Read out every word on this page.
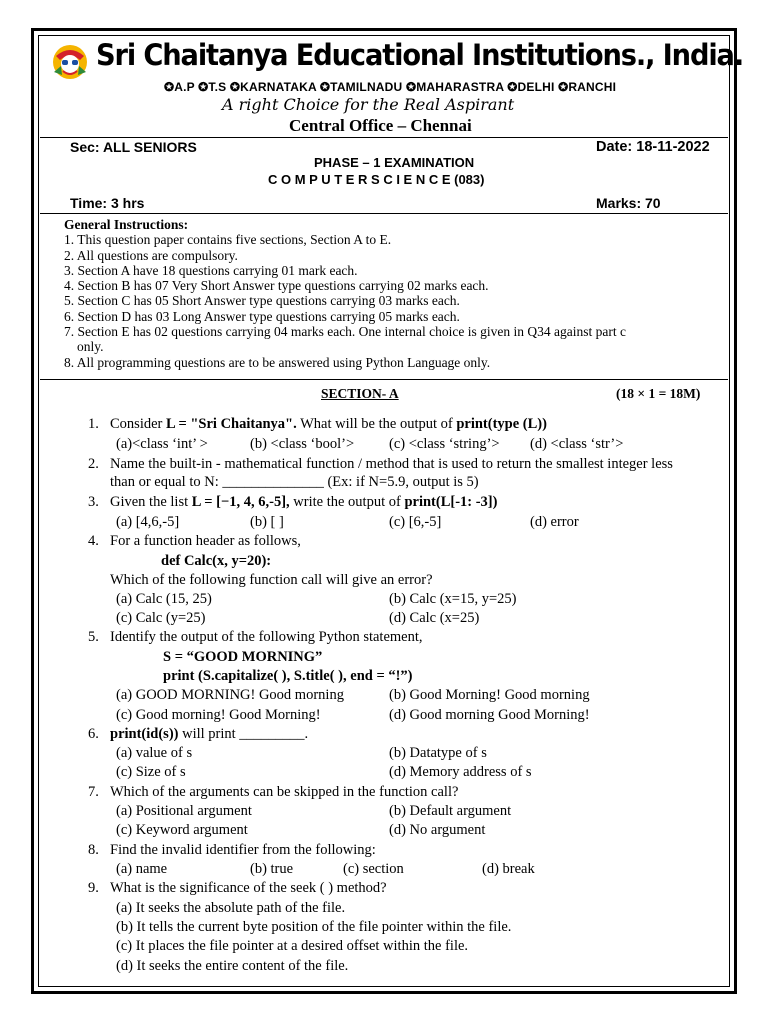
Sri Chaitanya Educational Institutions., India.
✪A.P ✪T.S ✪KARNATAKA ✪TAMILNADU ✪MAHARASTRA ✪DELHI ✪RANCHI
A right Choice for the Real Aspirant
Central Office – Chennai
Sec: ALL SENIORS	Date: 18-11-2022
PHASE – 1 EXAMINATION
C O M P U T E R S C I E N C E (083)
Time: 3 hrs	Marks: 70
General Instructions:
1. This question paper contains five sections, Section A to E.
2. All questions are compulsory.
3. Section A have 18 questions carrying 01 mark each.
4. Section B has 07 Very Short Answer type questions carrying 02 marks each.
5. Section C has 05 Short Answer type questions carrying 03 marks each.
6. Section D has 03 Long Answer type questions carrying 05 marks each.
7. Section E has 02 questions carrying 04 marks each. One internal choice is given in Q34 against part c
only.
8. All programming questions are to be answered using Python Language only.
SECTION- A	(18 × 1 = 18M)
1. Consider L = "Sri Chaitanya". What will be the output of print(type (L))
(a)<class ‘int’ >	(b) <class ‘bool’> (c) <class ‘string’> (d) <class ‘str’>
2. Name the built-in - mathematical function / method that is used to return the smallest integer less
than or equal to N: ______________ (Ex: if N=5.9, output is 5)
3. Given the list L = [−1, 4, 6,-5], write the output of print(L[-1: -3])
(a) [4,6,-5]	(b) [ ]	(c) [6,-5]	(d) error
4. For a function header as follows,
def Calc(x, y=20):
Which of the following function call will give an error?
(a) Calc (15, 25)	(b) Calc (x=15, y=25)
(c) Calc (y=25)	(d) Calc (x=25)
5. Identify the output of the following Python statement,
S = “GOOD MORNING”
print (S.capitalize( ), S.title( ), end = “!”)
(a) GOOD MORNING! Good morning	(b) Good Morning! Good morning
(c) Good morning! Good Morning!	(d) Good morning Good Morning!
6. print(id(s)) will print _________.
(a) value of s	(b) Datatype of s
(c) Size of s	(d) Memory address of s
7. Which of the arguments can be skipped in the function call?
(a) Positional argument	(b) Default argument
(c) Keyword argument	(d) No argument
8. Find the invalid identifier from the following:
(a) name	(b) true	(c) section	(d) break
9. What is the significance of the seek ( ) method?
(a) It seeks the absolute path of the file.
(b) It tells the current byte position of the file pointer within the file.
(c) It places the file pointer at a desired offset within the file.
(d) It seeks the entire content of the file.
